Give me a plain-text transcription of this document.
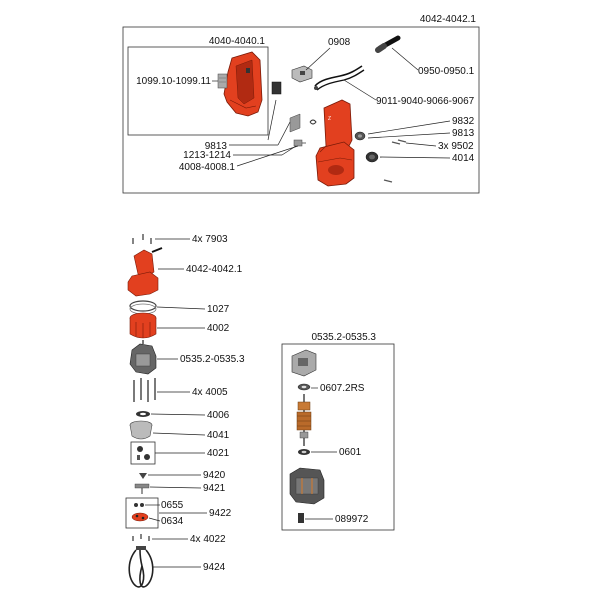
4042-4042.1
4040-4040.1
1099.10-1099.11
0908
0950-0950.1
9011-9040-9066-9067
Z	9832
9813
3x 9502
4014
9813
1213-1214
4008-4008.1
4x 7903
4042-4042.1
1027
4002
0535.2-0535.3
4x 4005
4006
4041
4021
9420
9421
0655
0634
9422
4x 4022
9424
0535.2-0535.3
0607.2RS
0601
089972
